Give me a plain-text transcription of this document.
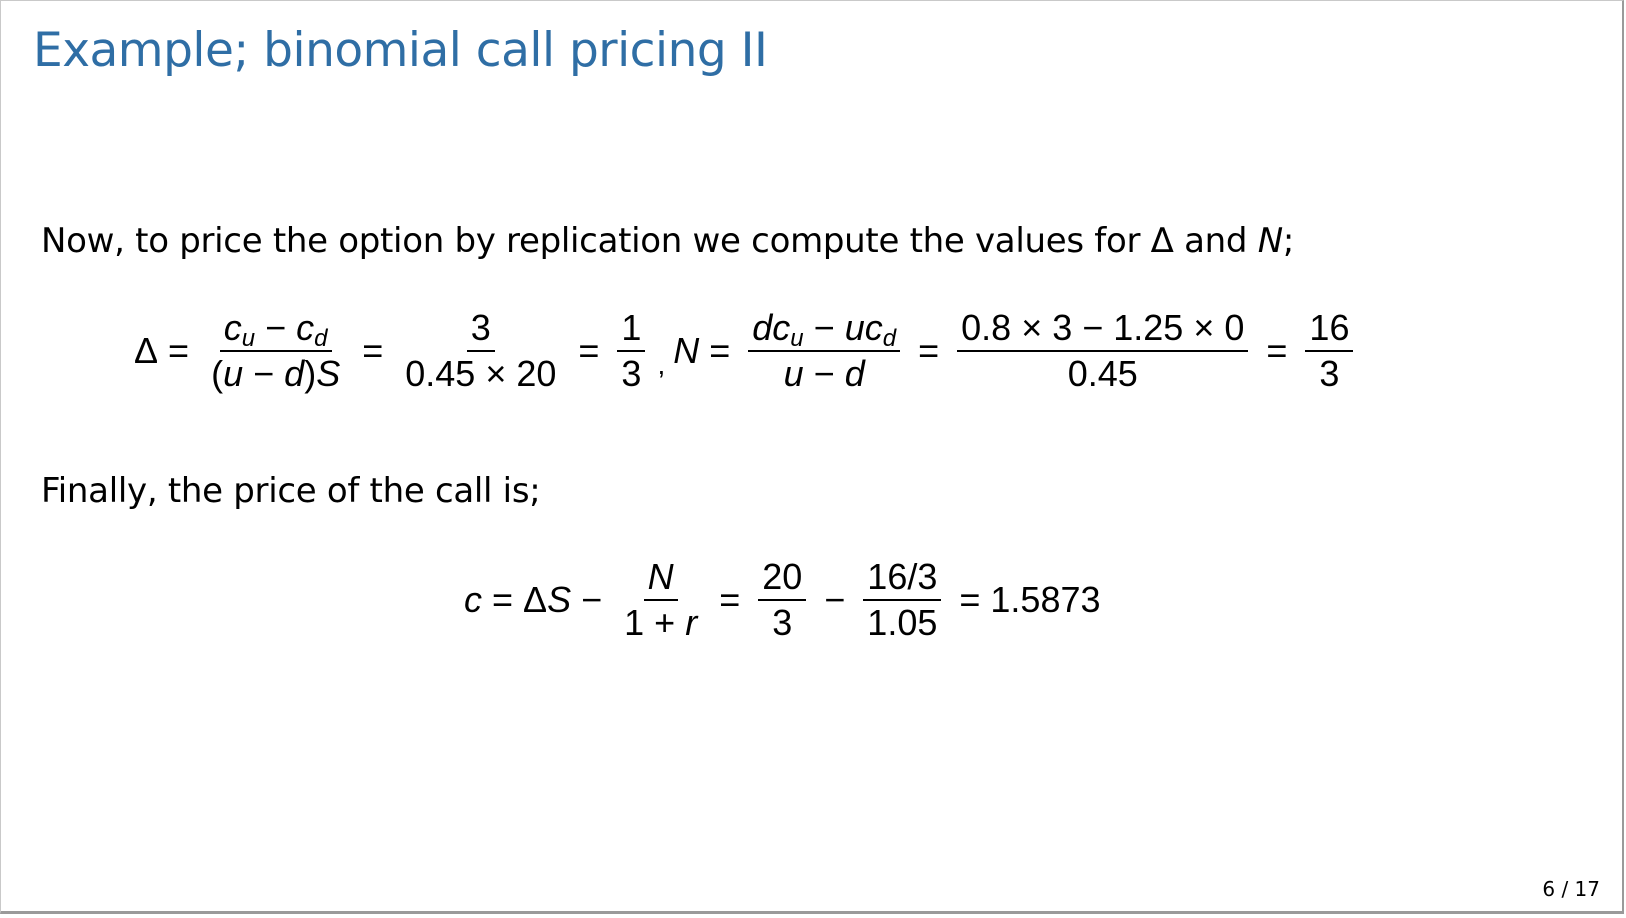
Example; binomial call pricing II
Now, to price the option by replication we compute the values for Δ and N;
$\Delta = \frac{c_u - c_d}{(u - d)S} = \frac{3}{0.45 \times 20} = \frac{1}{3}$ , $N = \frac{dc_u - uc_d}{u - d} = \frac{0.8 \times 3 - 1.25 \times 0}{0.45} = \frac{16}{3}$
Finally, the price of the call is;
c = Δ $S - \frac{N}{1 + r} = \frac{20}{3} - \frac{16/3}{1.05} = 1.5873$
6 / 17
